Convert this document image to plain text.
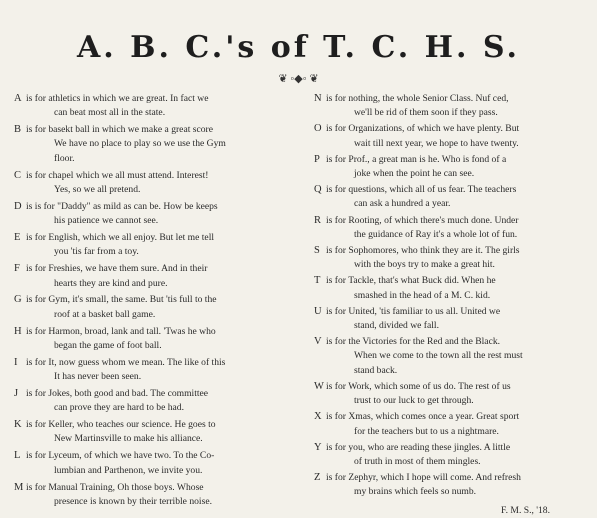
A. B. C.'s of T. C. H. S.
❦ ◦◆◦ ❦
A is for athletics in which we are great. In fact we
can beat most all in the state.
B is for basekt ball in which we make a great score
We have no place to play so we use the Gym
floor.
C is for chapel which we all must attend. Interest!
Yes, so we all pretend.
D is is for "Daddy" as mild as can be. How be keeps
his patience we cannot see.
E is for English, which we all enjoy. But let me tell
you 'tis far from a toy.
F is for Freshies, we have them sure. And in their
hearts they are kind and pure.
G is for Gym, it's small, the same. But 'tis full to the
roof at a basket ball game.
H is for Harmon, broad, lank and tall. 'Twas he who
began the game of foot ball.
I is for It, now guess whom we mean. The like of this
It has never been seen.
J is for Jokes, both good and bad. The committee
can prove they are hard to be had.
K is for Keller, who teaches our science. He goes to
New Martinsville to make his alliance.
L is for Lyceum, of which we have two. To the Co-
lumbian and Parthenon, we invite you.
M is for Manual Training, Oh those boys. Whose
presence is known by their terrible noise.
N is for nothing, the whole Senior Class. Nuf ced,
we'll be rid of them soon if they pass.
O is for Organizations, of which we have plenty. But
wait till next year, we hope to have twenty.
P is for Prof., a great man is he. Who is fond of a
joke when the point he can see.
Q is for questions, which all of us fear. The teachers
can ask a hundred a year.
R is for Rooting, of which there's much done. Under
the guidance of Ray it's a whole lot of fun.
S is for Sophomores, who think they are it. The girls
with the boys try to make a great hit.
T is for Tackle, that's what Buck did. When he
smashed in the head of a M. C. kid.
U is for United, 'tis familiar to us all. United we
stand, divided we fall.
V is for the Victories for the Red and the Black.
When we come to the town all the rest must
stand back.
W is for Work, which some of us do. The rest of us
trust to our luck to get through.
X is for Xmas, which comes once a year. Great sport
for the teachers but to us a nightmare.
Y is for you, who are reading these jingles. A little
of truth in most of them mingles.
Z is for Zephyr, which I hope will come. And refresh
my brains which feels so numb.
F. M. S., '18.
